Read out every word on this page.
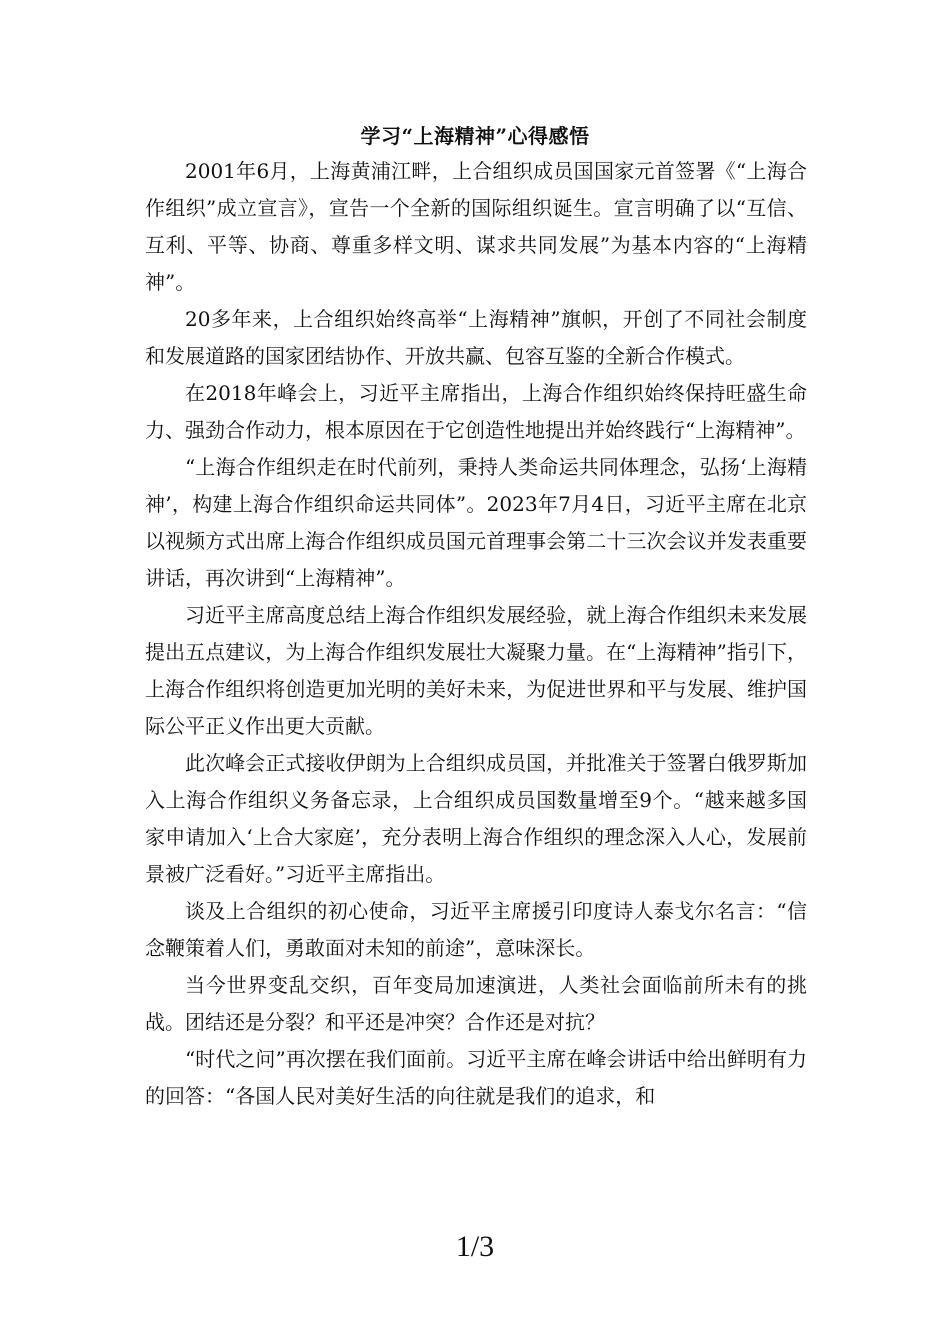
学习“上海精神”心得感悟

2001年6月，上海黄浦江畔，上合组织成员国国家元首签署《“上海合作组织”成立宣言》，宣告一个全新的国际组织诞生。宣言明确了以“互信、互利、平等、协商、尊重多样文明、谋求共同发展”为基本内容的“上海精神”。

20多年来，上合组织始终高举“上海精神”旗帜，开创了不同社会制度和发展道路的国家团结协作、开放共赢、包容互鉴的全新合作模式。

在2018年峰会上，习近平主席指出，上海合作组织始终保持旺盛生命力、强劲合作动力，根本原因在于它创造性地提出并始终践行“上海精神”。

“上海合作组织走在时代前列，秉持人类命运共同体理念，弘扬‘上海精神’，构建上海合作组织命运共同体”。2023年7月4日，习近平主席在北京以视频方式出席上海合作组织成员国元首理事会第二十三次会议并发表重要讲话，再次讲到“上海精神”。

习近平主席高度总结上海合作组织发展经验，就上海合作组织未来发展提出五点建议，为上海合作组织发展壮大凝聚力量。在“上海精神”指引下，上海合作组织将创造更加光明的美好未来，为促进世界和平与发展、维护国际公平正义作出更大贡献。

此次峰会正式接收伊朗为上合组织成员国，并批准关于签署白俄罗斯加入上海合作组织义务备忘录，上合组织成员国数量增至9个。“越来越多国家申请加入‘上合大家庭’，充分表明上海合作组织的理念深入人心，发展前景被广泛看好。”习近平主席指出。

谈及上合组织的初心使命，习近平主席援引印度诗人泰戈尔名言：“信念鞭策着人们，勇敢面对未知的前途”，意味深长。

当今世界变乱交织，百年变局加速演进，人类社会面临前所未有的挑战。团结还是分裂？和平还是冲突？合作还是对抗？

“时代之问”再次摆在我们面前。习近平主席在峰会讲话中给出鲜明有力的回答：“各国人民对美好生活的向往就是我们的追求，和

1/3
